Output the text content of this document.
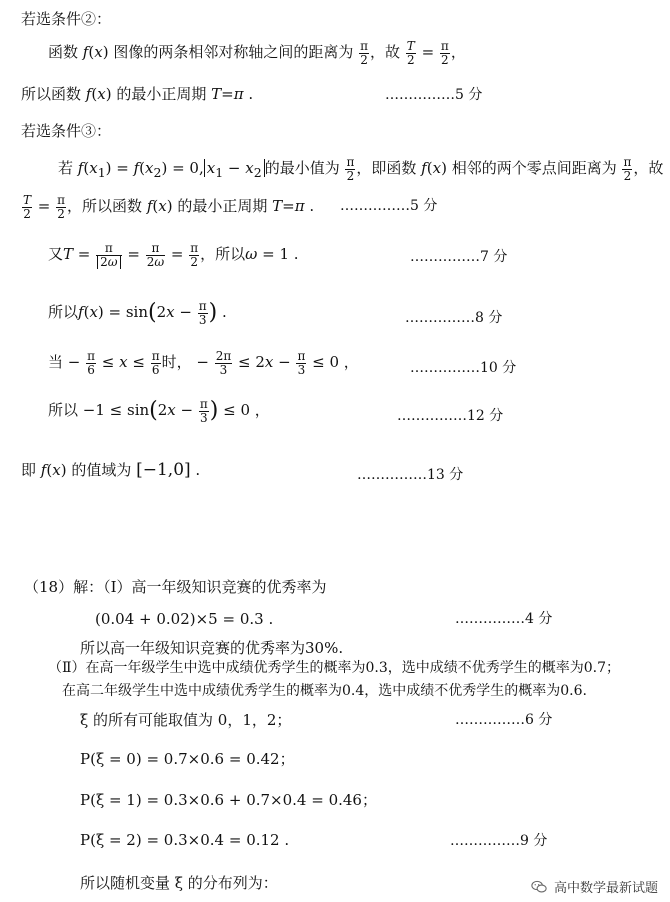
若选条件②：
函数 f(x) 图像的两条相邻对称轴之间的距离为 $\frac{\pi}{2}$ ，故 $\frac{T}{2} = \frac{\pi}{2}$ ，
所以函数 f(x) 的最小正周期 T=π .	……………5 分
若选条件③：
若 $f(x_1) = f(x_2) = 0$, $x_1 - x_2$ 的最小值为 $\frac{\pi}{2}$ ，即函数 f(x) 相邻的两个零点间距离为 $\frac{\pi}{2}$ ，故
$\frac{T}{2} = \frac{\pi}{2}$ ，所以函数 f(x) 的最小正周期 T=π . ……………5 分
又$T = \frac{\pi}{2\omega} = \frac{\pi}{2\omega} = \frac{\pi}{2}$ ，所以ω = 1 .	……………7 分
所以$f(x) = \sin(2x - \frac{\pi}{3}$ ) .	……………8 分
当 − $\frac{\pi}{6} \le x \le \frac{\pi}{6}$ 时， − $\frac{2\pi}{3} \le 2x - \frac{\pi}{3} \le 0$ ，	……………10 分
所以 $-1 \le \sin(2x - \frac{\pi}{3}$ ) ≤ 0 ，	……………12 分
即 f(x) 的值域为 [−1,0] .	……………13 分
（18）解：（Ⅰ）高一年级知识竞赛的优秀率为
(0.04 + 0.02)×5 = 0.3 .	……………4 分
所以高一年级知识竞赛的优秀率为30%.
（Ⅱ）在高一年级学生中选中成绩优秀学生的概率为0.3，选中成绩不优秀学生的概率为0.7；
在高二年级学生中选中成绩优秀学生的概率为0.4，选中成绩不优秀学生的概率为0.6.
ξ 的所有可能取值为 0，1，2；	……………6 分
P(ξ = 0) = 0.7×0.6 = 0.42；
P(ξ = 1) = 0.3×0.6 + 0.7×0.4 = 0.46；
P(ξ = 2) = 0.3×0.4 = 0.12 .	……………9 分
所以随机变量 ξ 的分布列为：	高中数学最新试题
